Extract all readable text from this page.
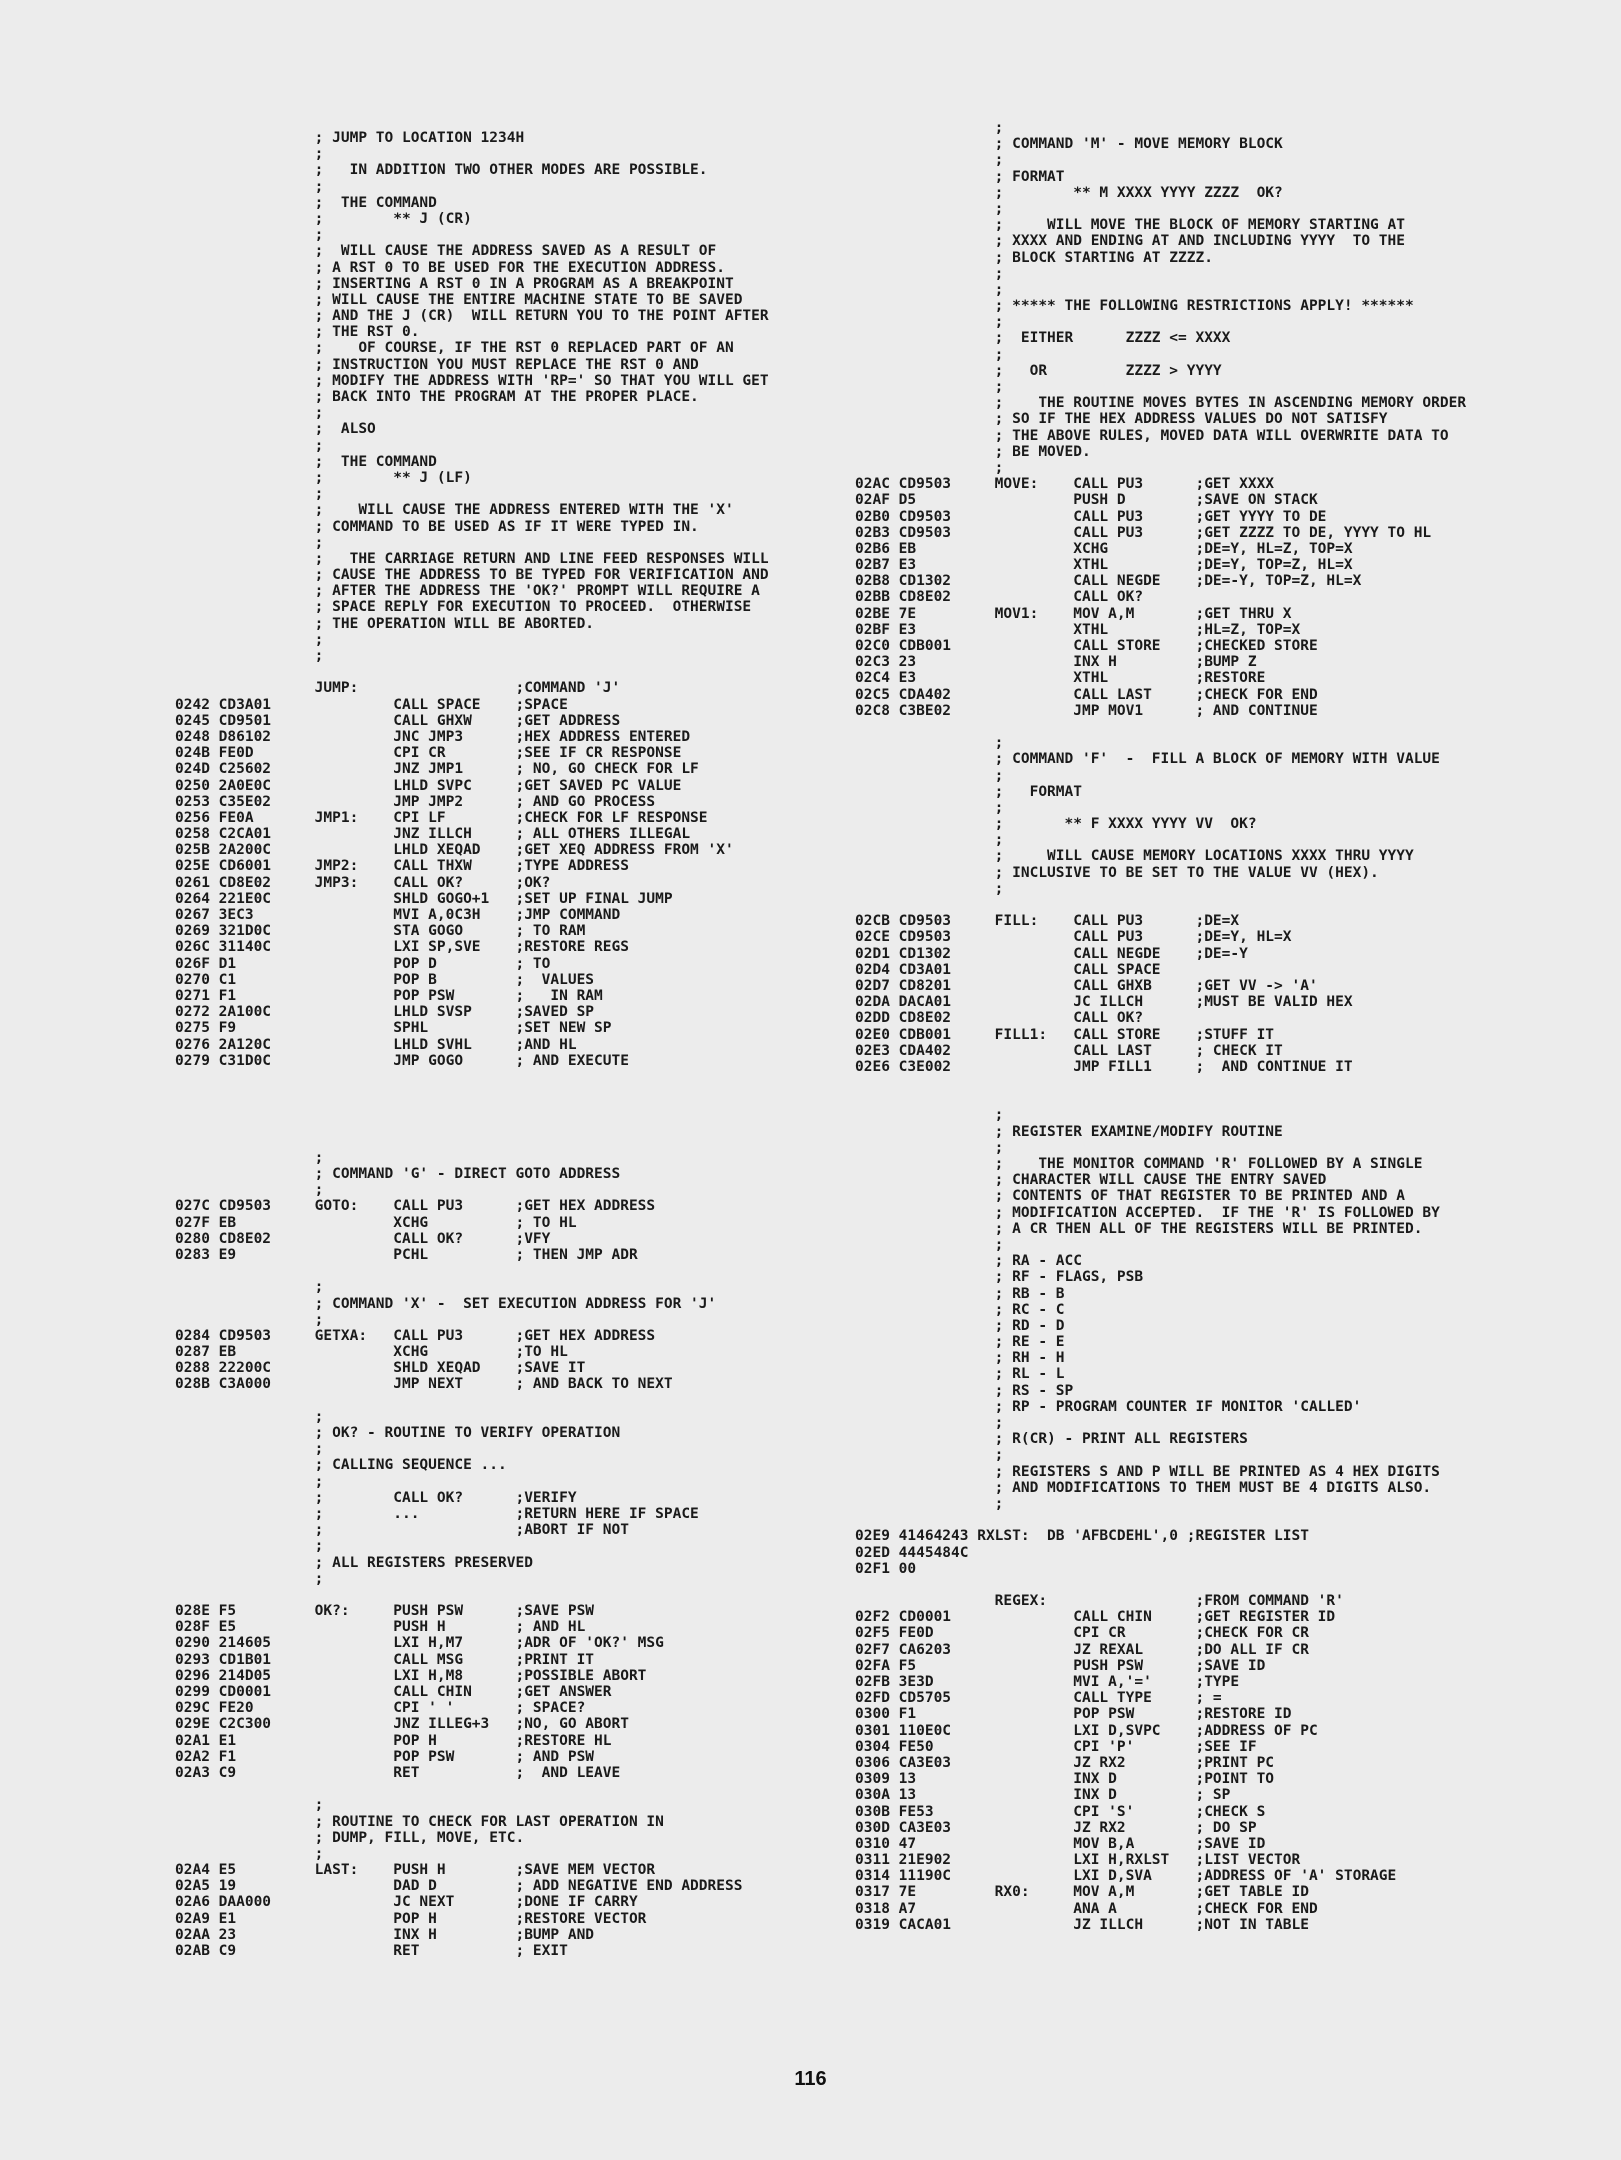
; JUMP TO LOCATION 1234H
;
;   IN ADDITION TWO OTHER MODES ARE POSSIBLE.
;
;  THE COMMAND
;        ** J (CR)
;
;  WILL CAUSE THE ADDRESS SAVED AS A RESULT OF
; A RST 0 TO BE USED FOR THE EXECUTION ADDRESS.
; INSERTING A RST 0 IN A PROGRAM AS A BREAKPOINT
; WILL CAUSE THE ENTIRE MACHINE STATE TO BE SAVED
; AND THE J (CR)  WILL RETURN YOU TO THE POINT AFTER
; THE RST 0.
;    OF COURSE, IF THE RST 0 REPLACED PART OF AN
; INSTRUCTION YOU MUST REPLACE THE RST 0 AND
; MODIFY THE ADDRESS WITH 'RP=' SO THAT YOU WILL GET
; BACK INTO THE PROGRAM AT THE PROPER PLACE.
;
;  ALSO
;
;  THE COMMAND
;        ** J (LF)
;
;    WILL CAUSE THE ADDRESS ENTERED WITH THE 'X'
; COMMAND TO BE USED AS IF IT WERE TYPED IN.
;
;   THE CARRIAGE RETURN AND LINE FEED RESPONSES WILL
; CAUSE THE ADDRESS TO BE TYPED FOR VERIFICATION AND
; AFTER THE ADDRESS THE 'OK?' PROMPT WILL REQUIRE A
; SPACE REPLY FOR EXECUTION TO PROCEED.  OTHERWISE
; THE OPERATION WILL BE ABORTED.
;
;
JUMP:                  ;COMMAND 'J'
0242 CD3A01              CALL SPACE    ;SPACE
0245 CD9501              CALL GHXW     ;GET ADDRESS
0248 D86102              JNC JMP3      ;HEX ADDRESS ENTERED
024B FE0D                CPI CR        ;SEE IF CR RESPONSE
024D C25602              JNZ JMP1      ; NO, GO CHECK FOR LF
0250 2A0E0C              LHLD SVPC     ;GET SAVED PC VALUE
0253 C35E02              JMP JMP2      ; AND GO PROCESS
0256 FE0A       JMP1:    CPI LF        ;CHECK FOR LF RESPONSE
0258 C2CA01              JNZ ILLCH     ; ALL OTHERS ILLEGAL
025B 2A200C              LHLD XEQAD    ;GET XEQ ADDRESS FROM 'X'
025E CD6001     JMP2:    CALL THXW     ;TYPE ADDRESS
0261 CD8E02     JMP3:    CALL OK?      ;OK?
0264 221E0C              SHLD GOGO+1   ;SET UP FINAL JUMP
0267 3EC3                MVI A,0C3H    ;JMP COMMAND
0269 321D0C              STA GOGO      ; TO RAM
026C 31140C              LXI SP,SVE    ;RESTORE REGS
026F D1                  POP D         ; TO
0270 C1                  POP B         ;  VALUES
0271 F1                  POP PSW       ;   IN RAM
0272 2A100C              LHLD SVSP     ;SAVED SP
0275 F9                  SPHL          ;SET NEW SP
0276 2A120C              LHLD SVHL     ;AND HL
0279 C31D0C              JMP GOGO      ; AND EXECUTE
;
; COMMAND 'G' - DIRECT GOTO ADDRESS
;
027C CD9503     GOTO:    CALL PU3      ;GET HEX ADDRESS
027F EB                  XCHG          ; TO HL
0280 CD8E02              CALL OK?      ;VFY
0283 E9                  PCHL          ; THEN JMP ADR
;
; COMMAND 'X' -  SET EXECUTION ADDRESS FOR 'J'
;
0284 CD9503     GETXA:   CALL PU3      ;GET HEX ADDRESS
0287 EB                  XCHG          ;TO HL
0288 22200C              SHLD XEQAD    ;SAVE IT
028B C3A000              JMP NEXT      ; AND BACK TO NEXT
;
; OK? - ROUTINE TO VERIFY OPERATION
;
; CALLING SEQUENCE ...
;
;        CALL OK?      ;VERIFY
;        ...           ;RETURN HERE IF SPACE
;                      ;ABORT IF NOT
;
; ALL REGISTERS PRESERVED
;
028E F5         OK?:     PUSH PSW      ;SAVE PSW
028F E5                  PUSH H        ; AND HL
0290 214605              LXI H,M7      ;ADR OF 'OK?' MSG
0293 CD1B01              CALL MSG      ;PRINT IT
0296 214D05              LXI H,M8      ;POSSIBLE ABORT
0299 CD0001              CALL CHIN     ;GET ANSWER
029C FE20                CPI ' '       ; SPACE?
029E C2C300              JNZ ILLEG+3   ;NO, GO ABORT
02A1 E1                  POP H         ;RESTORE HL
02A2 F1                  POP PSW       ; AND PSW
02A3 C9                  RET           ;  AND LEAVE
;
; ROUTINE TO CHECK FOR LAST OPERATION IN
; DUMP, FILL, MOVE, ETC.
;
02A4 E5         LAST:    PUSH H        ;SAVE MEM VECTOR
02A5 19                  DAD D         ; ADD NEGATIVE END ADDRESS
02A6 DAA000              JC NEXT       ;DONE IF CARRY
02A9 E1                  POP H         ;RESTORE VECTOR
02AA 23                  INX H         ;BUMP AND
02AB C9                  RET           ; EXIT
;
; COMMAND 'M' - MOVE MEMORY BLOCK
;
; FORMAT
;        ** M XXXX YYYY ZZZZ  OK?
;
;     WILL MOVE THE BLOCK OF MEMORY STARTING AT
; XXXX AND ENDING AT AND INCLUDING YYYY  TO THE
; BLOCK STARTING AT ZZZZ.
;
;
; ***** THE FOLLOWING RESTRICTIONS APPLY! ******
;
;  EITHER      ZZZZ <= XXXX
;
;   OR         ZZZZ > YYYY
;
;    THE ROUTINE MOVES BYTES IN ASCENDING MEMORY ORDER
; SO IF THE HEX ADDRESS VALUES DO NOT SATISFY
; THE ABOVE RULES, MOVED DATA WILL OVERWRITE DATA TO
; BE MOVED.
;
02AC CD9503     MOVE:    CALL PU3      ;GET XXXX
02AF D5                  PUSH D        ;SAVE ON STACK
02B0 CD9503              CALL PU3      ;GET YYYY TO DE
02B3 CD9503              CALL PU3      ;GET ZZZZ TO DE, YYYY TO HL
02B6 EB                  XCHG          ;DE=Y, HL=Z, TOP=X
02B7 E3                  XTHL          ;DE=Y, TOP=Z, HL=X
02B8 CD1302              CALL NEGDE    ;DE=-Y, TOP=Z, HL=X
02BB CD8E02              CALL OK?
02BE 7E         MOV1:    MOV A,M       ;GET THRU X
02BF E3                  XTHL          ;HL=Z, TOP=X
02C0 CDB001              CALL STORE    ;CHECKED STORE
02C3 23                  INX H         ;BUMP Z
02C4 E3                  XTHL          ;RESTORE
02C5 CDA402              CALL LAST     ;CHECK FOR END
02C8 C3BE02              JMP MOV1      ; AND CONTINUE
;
; COMMAND 'F'  -  FILL A BLOCK OF MEMORY WITH VALUE
;
;   FORMAT
;
;       ** F XXXX YYYY VV  OK?
;
;     WILL CAUSE MEMORY LOCATIONS XXXX THRU YYYY
; INCLUSIVE TO BE SET TO THE VALUE VV (HEX).
;
02CB CD9503     FILL:    CALL PU3      ;DE=X
02CE CD9503              CALL PU3      ;DE=Y, HL=X
02D1 CD1302              CALL NEGDE    ;DE=-Y
02D4 CD3A01              CALL SPACE
02D7 CD8201              CALL GHXB     ;GET VV -> 'A'
02DA DACA01              JC ILLCH      ;MUST BE VALID HEX
02DD CD8E02              CALL OK?
02E0 CDB001     FILL1:   CALL STORE    ;STUFF IT
02E3 CDA402              CALL LAST     ; CHECK IT
02E6 C3E002              JMP FILL1     ;  AND CONTINUE IT
;
; REGISTER EXAMINE/MODIFY ROUTINE
;
;    THE MONITOR COMMAND 'R' FOLLOWED BY A SINGLE
; CHARACTER WILL CAUSE THE ENTRY SAVED
; CONTENTS OF THAT REGISTER TO BE PRINTED AND A
; MODIFICATION ACCEPTED.  IF THE 'R' IS FOLLOWED BY
; A CR THEN ALL OF THE REGISTERS WILL BE PRINTED.
;
; RA - ACC
; RF - FLAGS, PSB
; RB - B
; RC - C
; RD - D
; RE - E
; RH - H
; RL - L
; RS - SP
; RP - PROGRAM COUNTER IF MONITOR 'CALLED'
;
; R(CR) - PRINT ALL REGISTERS
;
; REGISTERS S AND P WILL BE PRINTED AS 4 HEX DIGITS
; AND MODIFICATIONS TO THEM MUST BE 4 DIGITS ALSO.
;
02E9 41464243 RXLST:  DB 'AFBCDEHL',0 ;REGISTER LIST
02ED 4445484C
02F1 00
REGEX:                 ;FROM COMMAND 'R'
02F2 CD0001              CALL CHIN     ;GET REGISTER ID
02F5 FE0D                CPI CR        ;CHECK FOR CR
02F7 CA6203              JZ REXAL      ;DO ALL IF CR
02FA F5                  PUSH PSW      ;SAVE ID
02FB 3E3D                MVI A,'='     ;TYPE
02FD CD5705              CALL TYPE     ; =
0300 F1                  POP PSW       ;RESTORE ID
0301 110E0C              LXI D,SVPC    ;ADDRESS OF PC
0304 FE50                CPI 'P'       ;SEE IF
0306 CA3E03              JZ RX2        ;PRINT PC
0309 13                  INX D         ;POINT TO
030A 13                  INX D         ; SP
030B FE53                CPI 'S'       ;CHECK S
030D CA3E03              JZ RX2        ; DO SP
0310 47                  MOV B,A       ;SAVE ID
0311 21E902              LXI H,RXLST   ;LIST VECTOR
0314 11190C              LXI D,SVA     ;ADDRESS OF 'A' STORAGE
0317 7E         RX0:     MOV A,M       ;GET TABLE ID
0318 A7                  ANA A         ;CHECK FOR END
0319 CACA01              JZ ILLCH      ;NOT IN TABLE
116
